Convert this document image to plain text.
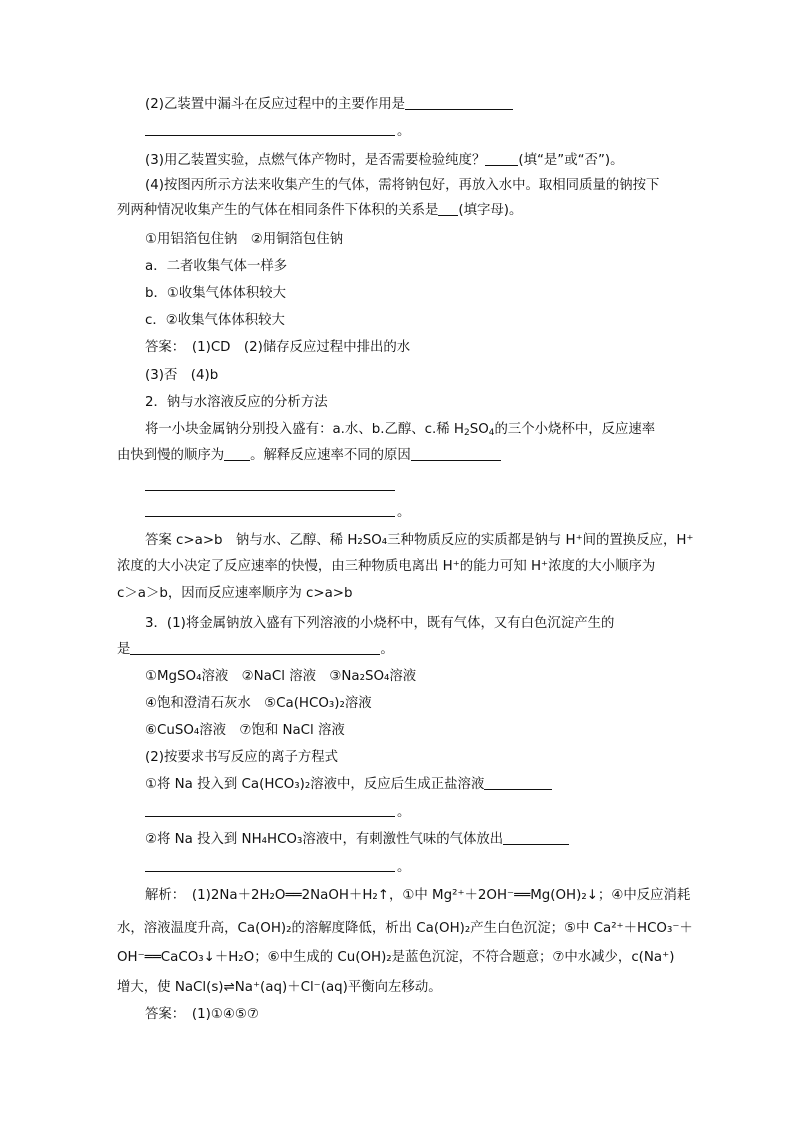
(2)乙装置中漏斗在反应过程中的主要作用是
。
(3)用乙装置实验，点燃气体产物时，是否需要检验纯度？ (填“是”或“否”)。
(4)按图丙所示方法来收集产生的气体，需将钠包好，再放入水中。取相同质量的钠按下
列两种情况收集产生的气体在相同条件下体积的关系是 (填字母)。
①用铝箔包住钠　②用铜箔包住钠
a．二者收集气体一样多
b．①收集气体体积较大
c．②收集气体体积较大
答案：　(1)CD　(2)储存反应过程中排出的水
(3)否　(4)b
2．钠与水溶液反应的分析方法
将一小块金属钠分别投入盛有：a.水、b.乙醇、c.稀 $H_2SO_4$的三个小烧杯中，反应速率
由快到慢的顺序为 。解释反应速率不同的原因
。
答案 c>a>b　钠与水、乙醇、稀 H₂SO₄三种物质反应的实质都是钠与 H⁺间的置换反应，H⁺
浓度的大小决定了反应速率的快慢，由三种物质电离出 H⁺的能力可知 H⁺浓度的大小顺序为
c＞a＞b，因而反应速率顺序为 c>a>b
3．(1)将金属钠放入盛有下列溶液的小烧杯中，既有气体，又有白色沉淀产生的
是	。
①MgSO₄溶液　②NaCl 溶液　③Na₂SO₄溶液
④饱和澄清石灰水　⑤Ca(HCO₃)₂溶液
⑥CuSO₄溶液　⑦饱和 NaCl 溶液
(2)按要求书写反应的离子方程式
①将 Na 投入到 Ca(HCO₃)₂溶液中，反应后生成正盐溶液
。
②将 Na 投入到 NH₄HCO₃溶液中，有刺激性气味的气体放出
。
解析：　(1)2Na＋2H₂O══2NaOH＋H₂↑，①中 Mg²⁺＋2OH⁻══Mg(OH)₂↓；④中反应消耗
水，溶液温度升高，Ca(OH)₂的溶解度降低，析出 Ca(OH)₂产生白色沉淀；⑤中 Ca²⁺＋HCO₃⁻＋
OH⁻══CaCO₃↓＋H₂O；⑥中生成的 Cu(OH)₂是蓝色沉淀，不符合题意；⑦中水减少，c(Na⁺)
增大，使 NaCl(s)⇌Na⁺(aq)＋Cl⁻(aq)平衡向左移动。
答案：　(1)①④⑤⑦
